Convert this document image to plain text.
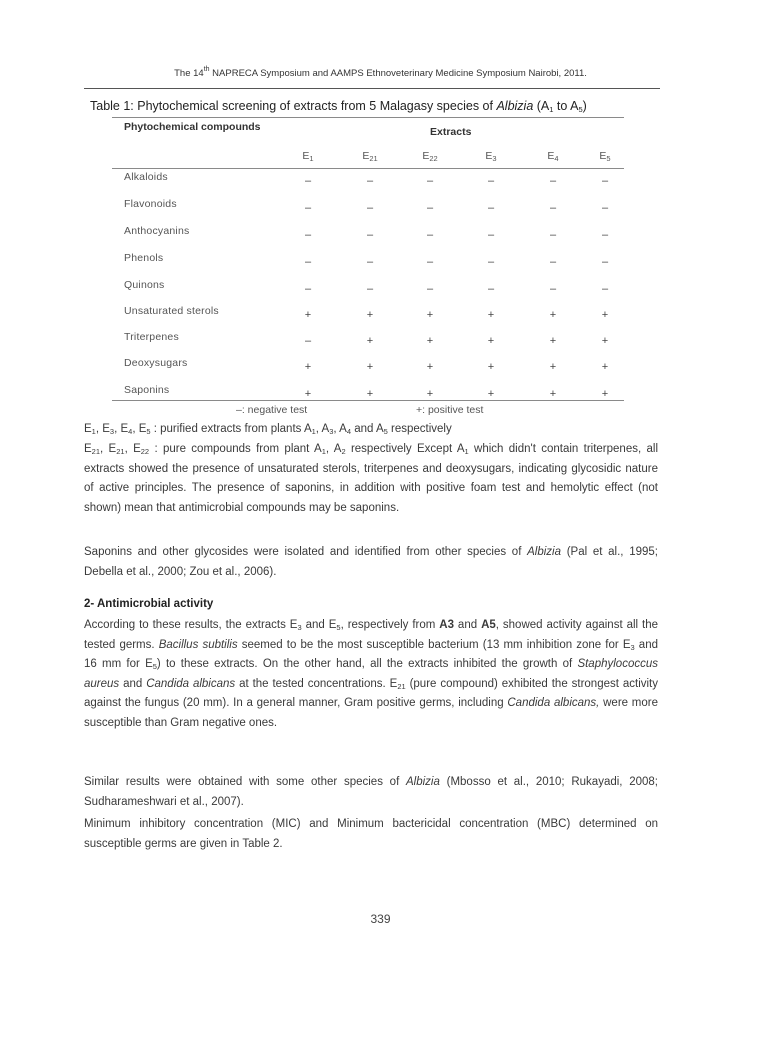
The 14th NAPRECA Symposium and AAMPS Ethnoveterinary Medicine Symposium Nairobi, 2011.
Table 1: Phytochemical screening of extracts from 5 Malagasy species of Albizia ($A_1$ to $A_5$)
Phytochemical compounds	Extracts
$E_1$	$E_{21}$	$E_{22}$	$E_3$	$E_4$	$E_5$
Alkaloids	–	–	–	–	–	–
Flavonoids	–	–	–	–	–	–
Anthocyanins	–	–	–	–	–	–
Phenols	–	–	–	–	–	–
Quinons	–	–	–	–	–	–
Unsaturated sterols	+	+	+	+	+	+
Triterpenes	–	+	+	+	+	+
Deoxysugars	+	+	+	+	+	+
Saponins	+	+	+	+	+	+
–: negative test	+: positive test

$E_1$, $E_3$, $E_4$, $E_5$ : purified extracts from plants $A_1$, $A_3$, $A_4$ and $A_5$ respectively

$E_{21}$, $E_{21}$, $E_{22}$ : pure compounds from plant $A_1$, $A_2$ respectively Except $A_1$ which didn't contain triterpenes, all extracts showed the presence of unsaturated sterols, triterpenes and deoxysugars, indicating glycosidic nature of active principles. The presence of saponins, in addition with positive foam test and hemolytic effect (not shown) mean that antimicrobial compounds may be saponins.

Saponins and other glycosides were isolated and identified from other species of Albizia (Pal et al., 1995; Debella et al., 2000; Zou et al., 2006).

2- Antimicrobial activity

According to these results, the extracts $E_3$ and $E_5$, respectively from A3 and A5, showed activity against all the tested germs. Bacillus subtilis seemed to be the most susceptible bacterium (13 mm inhibition zone for $E_3$ and 16 mm for $E_5$) to these extracts. On the other hand, all the extracts inhibited the growth of Staphylococcus aureus and Candida albicans at the tested concentrations. $E_{21}$ (pure compound) exhibited the strongest activity against the fungus (20 mm). In a general manner, Gram positive germs, including Candida albicans, were more susceptible than Gram negative ones.

Similar results were obtained with some other species of Albizia (Mbosso et al., 2010; Rukayadi, 2008; Sudharameshwari et al., 2007).

Minimum inhibitory concentration (MIC) and Minimum bactericidal concentration (MBC) determined on susceptible germs are given in Table 2.

339
